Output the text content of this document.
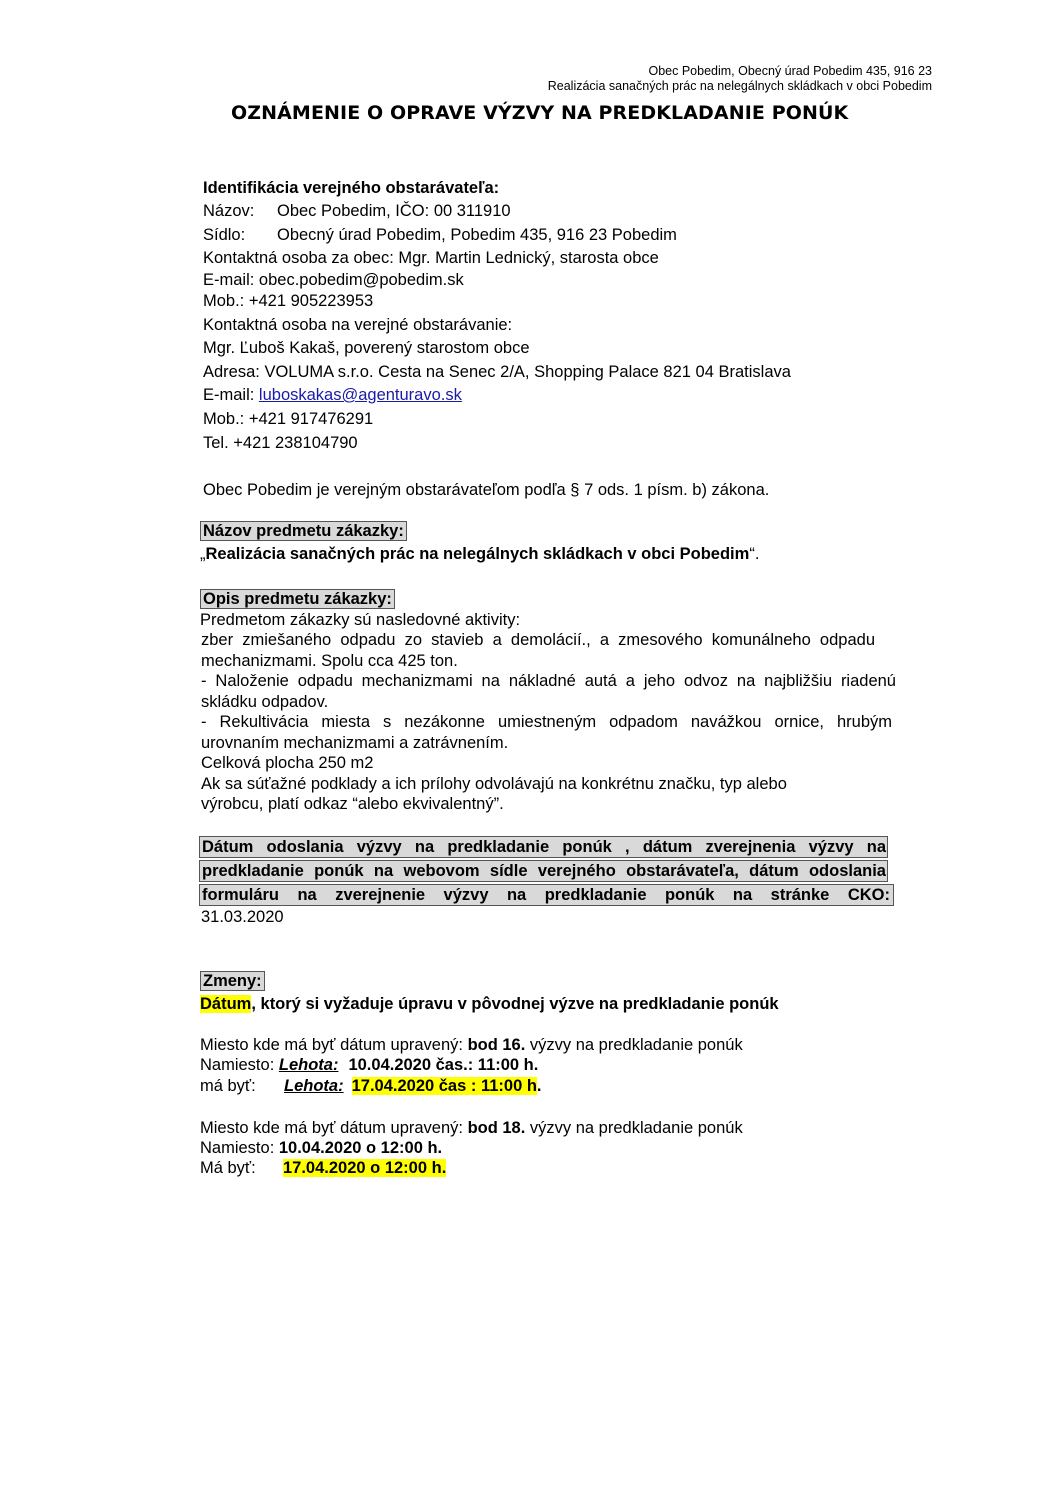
Obec Pobedim, Obecný úrad Pobedim 435, 916 23
Realizácia sanačných prác na nelegálnych skládkach v obci Pobedim
OZNÁMENIE O OPRAVE VÝZVY NA PREDKLADANIE PONÚK
Identifikácia verejného obstarávateľa:
Názov: Obec Pobedim, IČO: 00 311910
Sídlo: Obecný úrad Pobedim, Pobedim 435, 916 23 Pobedim
Kontaktná osoba za obec: Mgr. Martin Lednický, starosta obce
E-mail: obec.pobedim@pobedim.sk
Mob.: +421 905223953
Kontaktná osoba na verejné obstarávanie:
Mgr. Ľuboš Kakaš, poverený starostom obce
Adresa: VOLUMA s.r.o. Cesta na Senec 2/A, Shopping Palace 821 04 Bratislava
E-mail: luboskakas@agenturavo.sk
Mob.: +421 917476291
Tel. +421 238104790
Obec Pobedim je verejným obstarávateľom podľa § 7 ods. 1 písm. b) zákona.
Názov predmetu zákazky:
„Realizácia sanačných prác na nelegálnych skládkach v obci Pobedim“.
Opis predmetu zákazky:
Predmetom zákazky sú nasledovné aktivity:
zber zmiešaného odpadu zo stavieb a demolácií., a zmesového komunálneho odpadu
mechanizmami. Spolu cca 425 ton.
- Naloženie odpadu mechanizmami na nákladné autá a jeho odvoz na najbližšiu riadenú
skládku odpadov.
- Rekultivácia miesta s nezákonne umiestneným odpadom navážkou ornice, hrubým
urovnaním mechanizmami a zatrávnením.
Celková plocha 250 m2
Ak sa súťažné podklady a ich prílohy odvolávajú na konkrétnu značku, typ alebo
výrobcu, platí odkaz “alebo ekvivalentný”.
Dátum odoslania výzvy na predkladanie ponúk , dátum zverejnenia výzvy na
predkladanie ponúk na webovom sídle verejného obstarávateľa, dátum odoslania
formuláru na zverejnenie výzvy na predkladanie ponúk na stránke CKO:
31.03.2020
Zmeny:
Dátum, ktorý si vyžaduje úpravu v pôvodnej výzve na predkladanie ponúk
Miesto kde má byť dátum upravený: bod 16. výzvy na predkladanie ponúk
Namiesto: Lehota: 10.04.2020 čas.: 11:00 h.
má byť: Lehota: 17.04.2020 čas : 11:00 h.
Miesto kde má byť dátum upravený: bod 18. výzvy na predkladanie ponúk
Namiesto: 10.04.2020 o 12:00 h.
Má byť: 17.04.2020 o 12:00 h.
